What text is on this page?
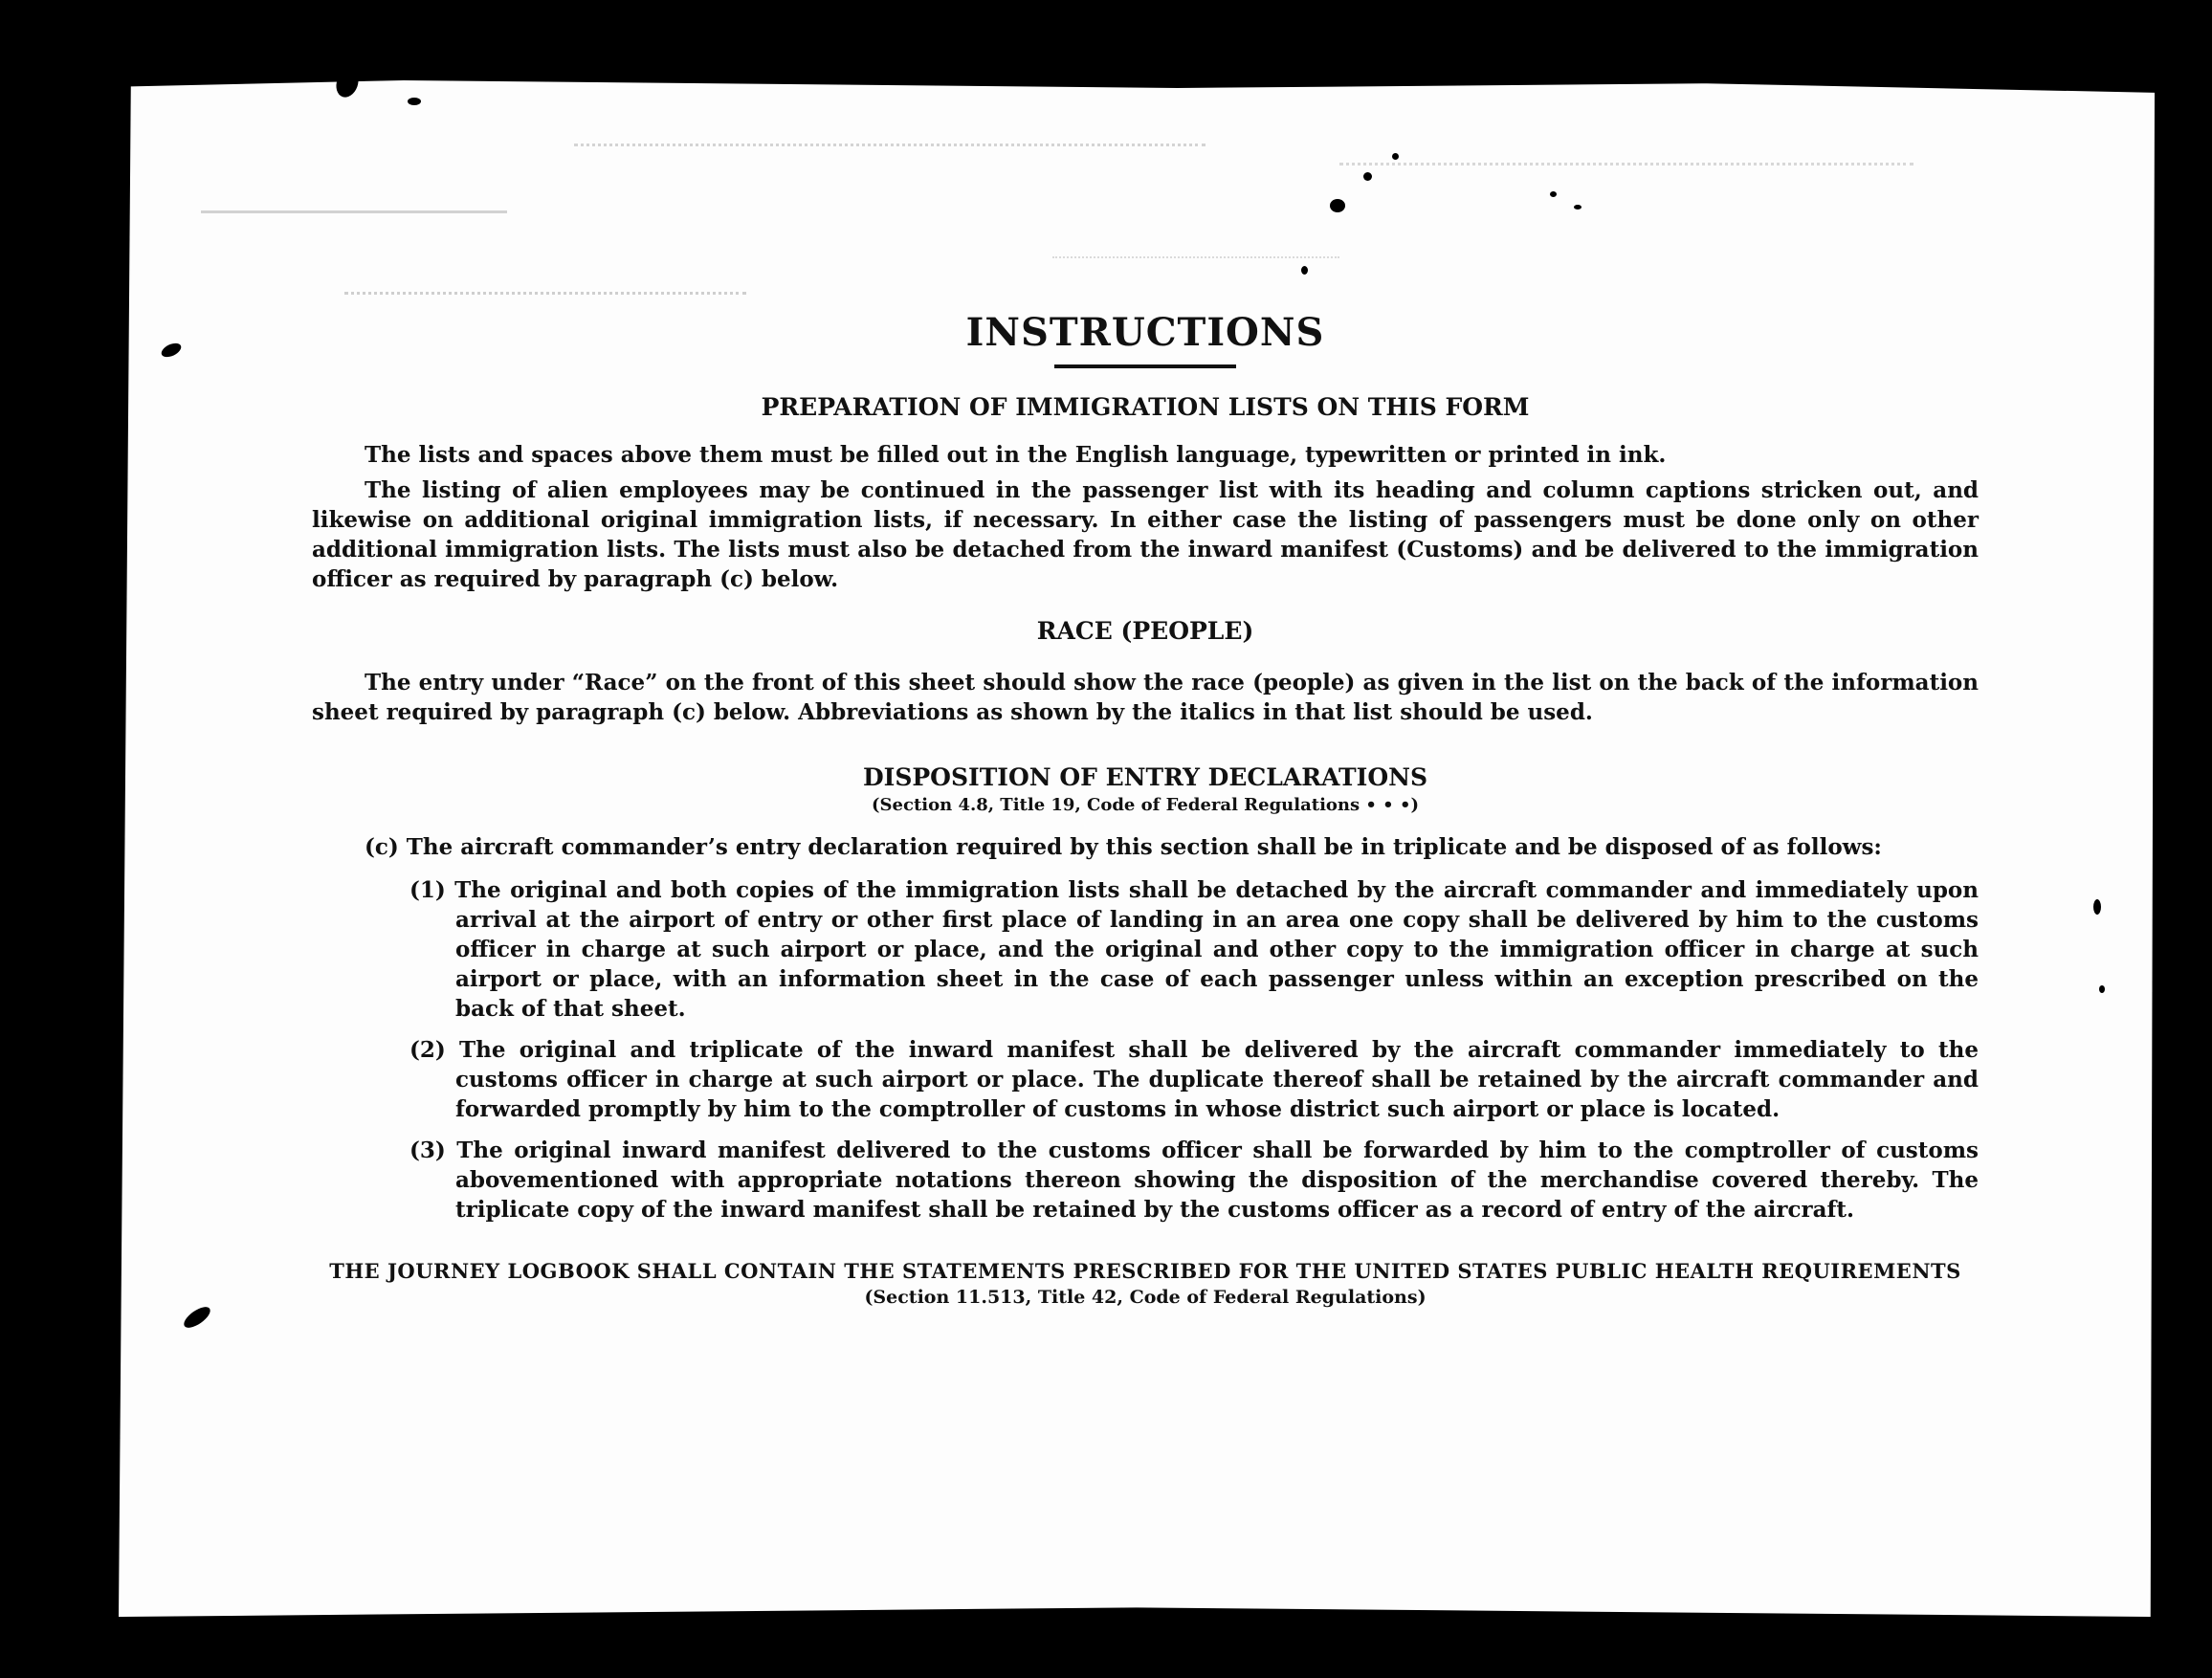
INSTRUCTIONS
PREPARATION OF IMMIGRATION LISTS ON THIS FORM

The lists and spaces above them must be filled out in the English language, typewritten or printed in ink.

The listing of alien employees may be continued in the passenger list with its heading and column captions stricken out, and likewise on additional original immigration lists, if necessary. In either case the listing of passengers must be done only on other additional immigration lists. The lists must also be detached from the inward manifest (Customs) and be delivered to the immigration officer as required by paragraph (c) below.

RACE (PEOPLE)

The entry under “Race” on the front of this sheet should show the race (people) as given in the list on the back of the information sheet required by paragraph (c) below. Abbreviations as shown by the italics in that list should be used.

DISPOSITION OF ENTRY DECLARATIONS
(Section 4.8, Title 19, Code of Federal Regulations • • •)

(c) The aircraft commander’s entry declaration required by this section shall be in triplicate and be disposed of as follows:

(1) The original and both copies of the immigration lists shall be detached by the aircraft commander and immediately upon arrival at the airport of entry or other first place of landing in an area one copy shall be delivered by him to the customs officer in charge at such airport or place, and the original and other copy to the immigration officer in charge at such airport or place, with an information sheet in the case of each passenger unless within an exception prescribed on the back of that sheet.

(2) The original and triplicate of the inward manifest shall be delivered by the aircraft commander immediately to the customs officer in charge at such airport or place. The duplicate thereof shall be retained by the aircraft commander and forwarded promptly by him to the comptroller of customs in whose district such airport or place is located.

(3) The original inward manifest delivered to the customs officer shall be forwarded by him to the comptroller of customs abovementioned with appropriate notations thereon showing the disposition of the merchandise covered thereby. The triplicate copy of the inward manifest shall be retained by the customs officer as a record of entry of the aircraft.

THE JOURNEY LOGBOOK SHALL CONTAIN THE STATEMENTS PRESCRIBED FOR THE UNITED STATES PUBLIC HEALTH REQUIREMENTS
(Section 11.513, Title 42, Code of Federal Regulations)
